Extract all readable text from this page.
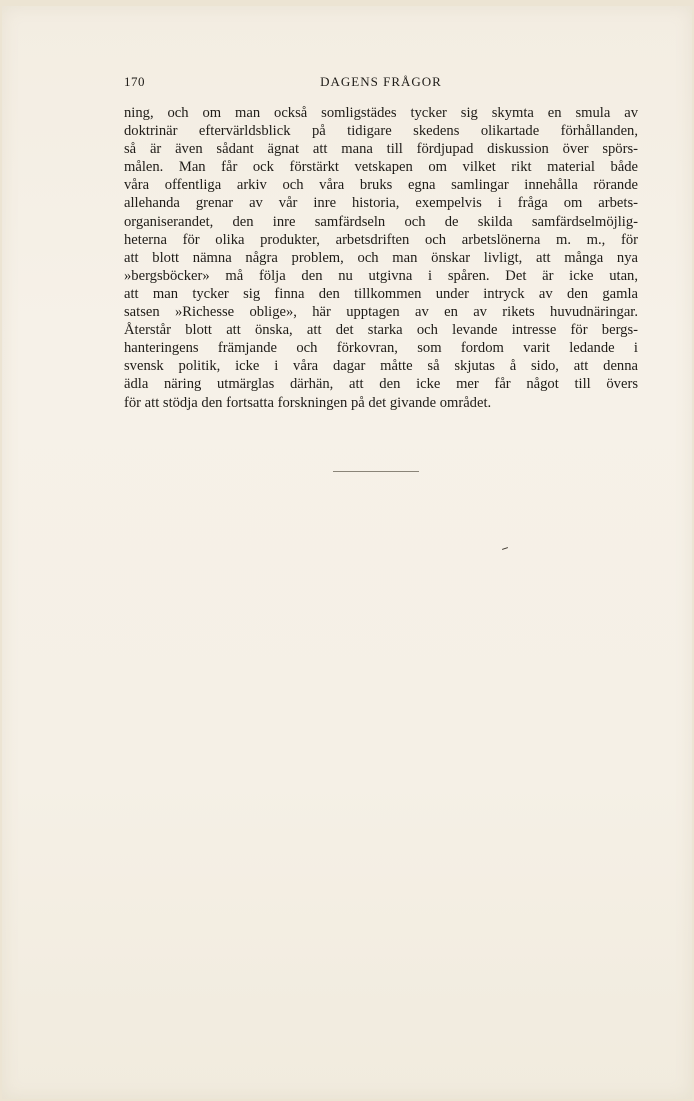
170	DAGENS FRÅGOR
ning, och om man också somligstädes tycker sig skymta en smula av
doktrinär eftervärldsblick på tidigare skedens olikartade förhållanden,
så är även sådant ägnat att mana till fördjupad diskussion över spörs-
målen. Man får ock förstärkt vetskapen om vilket rikt material både
våra offentliga arkiv och våra bruks egna samlingar innehålla rörande
allehanda grenar av vår inre historia, exempelvis i fråga om arbets-
organiserandet, den inre samfärdseln och de skilda samfärdselmöjlig-
heterna för olika produkter, arbetsdriften och arbetslönerna m. m., för
att blott nämna några problem, och man önskar livligt, att många nya
»bergsböcker» må följa den nu utgivna i spåren. Det är icke utan,
att man tycker sig finna den tillkommen under intryck av den gamla
satsen »Richesse oblige», här upptagen av en av rikets huvudnäringar.
Återstår blott att önska, att det starka och levande intresse för bergs-
hanteringens främjande och förkovran, som fordom varit ledande i
svensk politik, icke i våra dagar måtte så skjutas å sido, att denna
ädla näring utmärglas därhän, att den icke mer får något till övers
för att stödja den fortsatta forskningen på det givande området.
